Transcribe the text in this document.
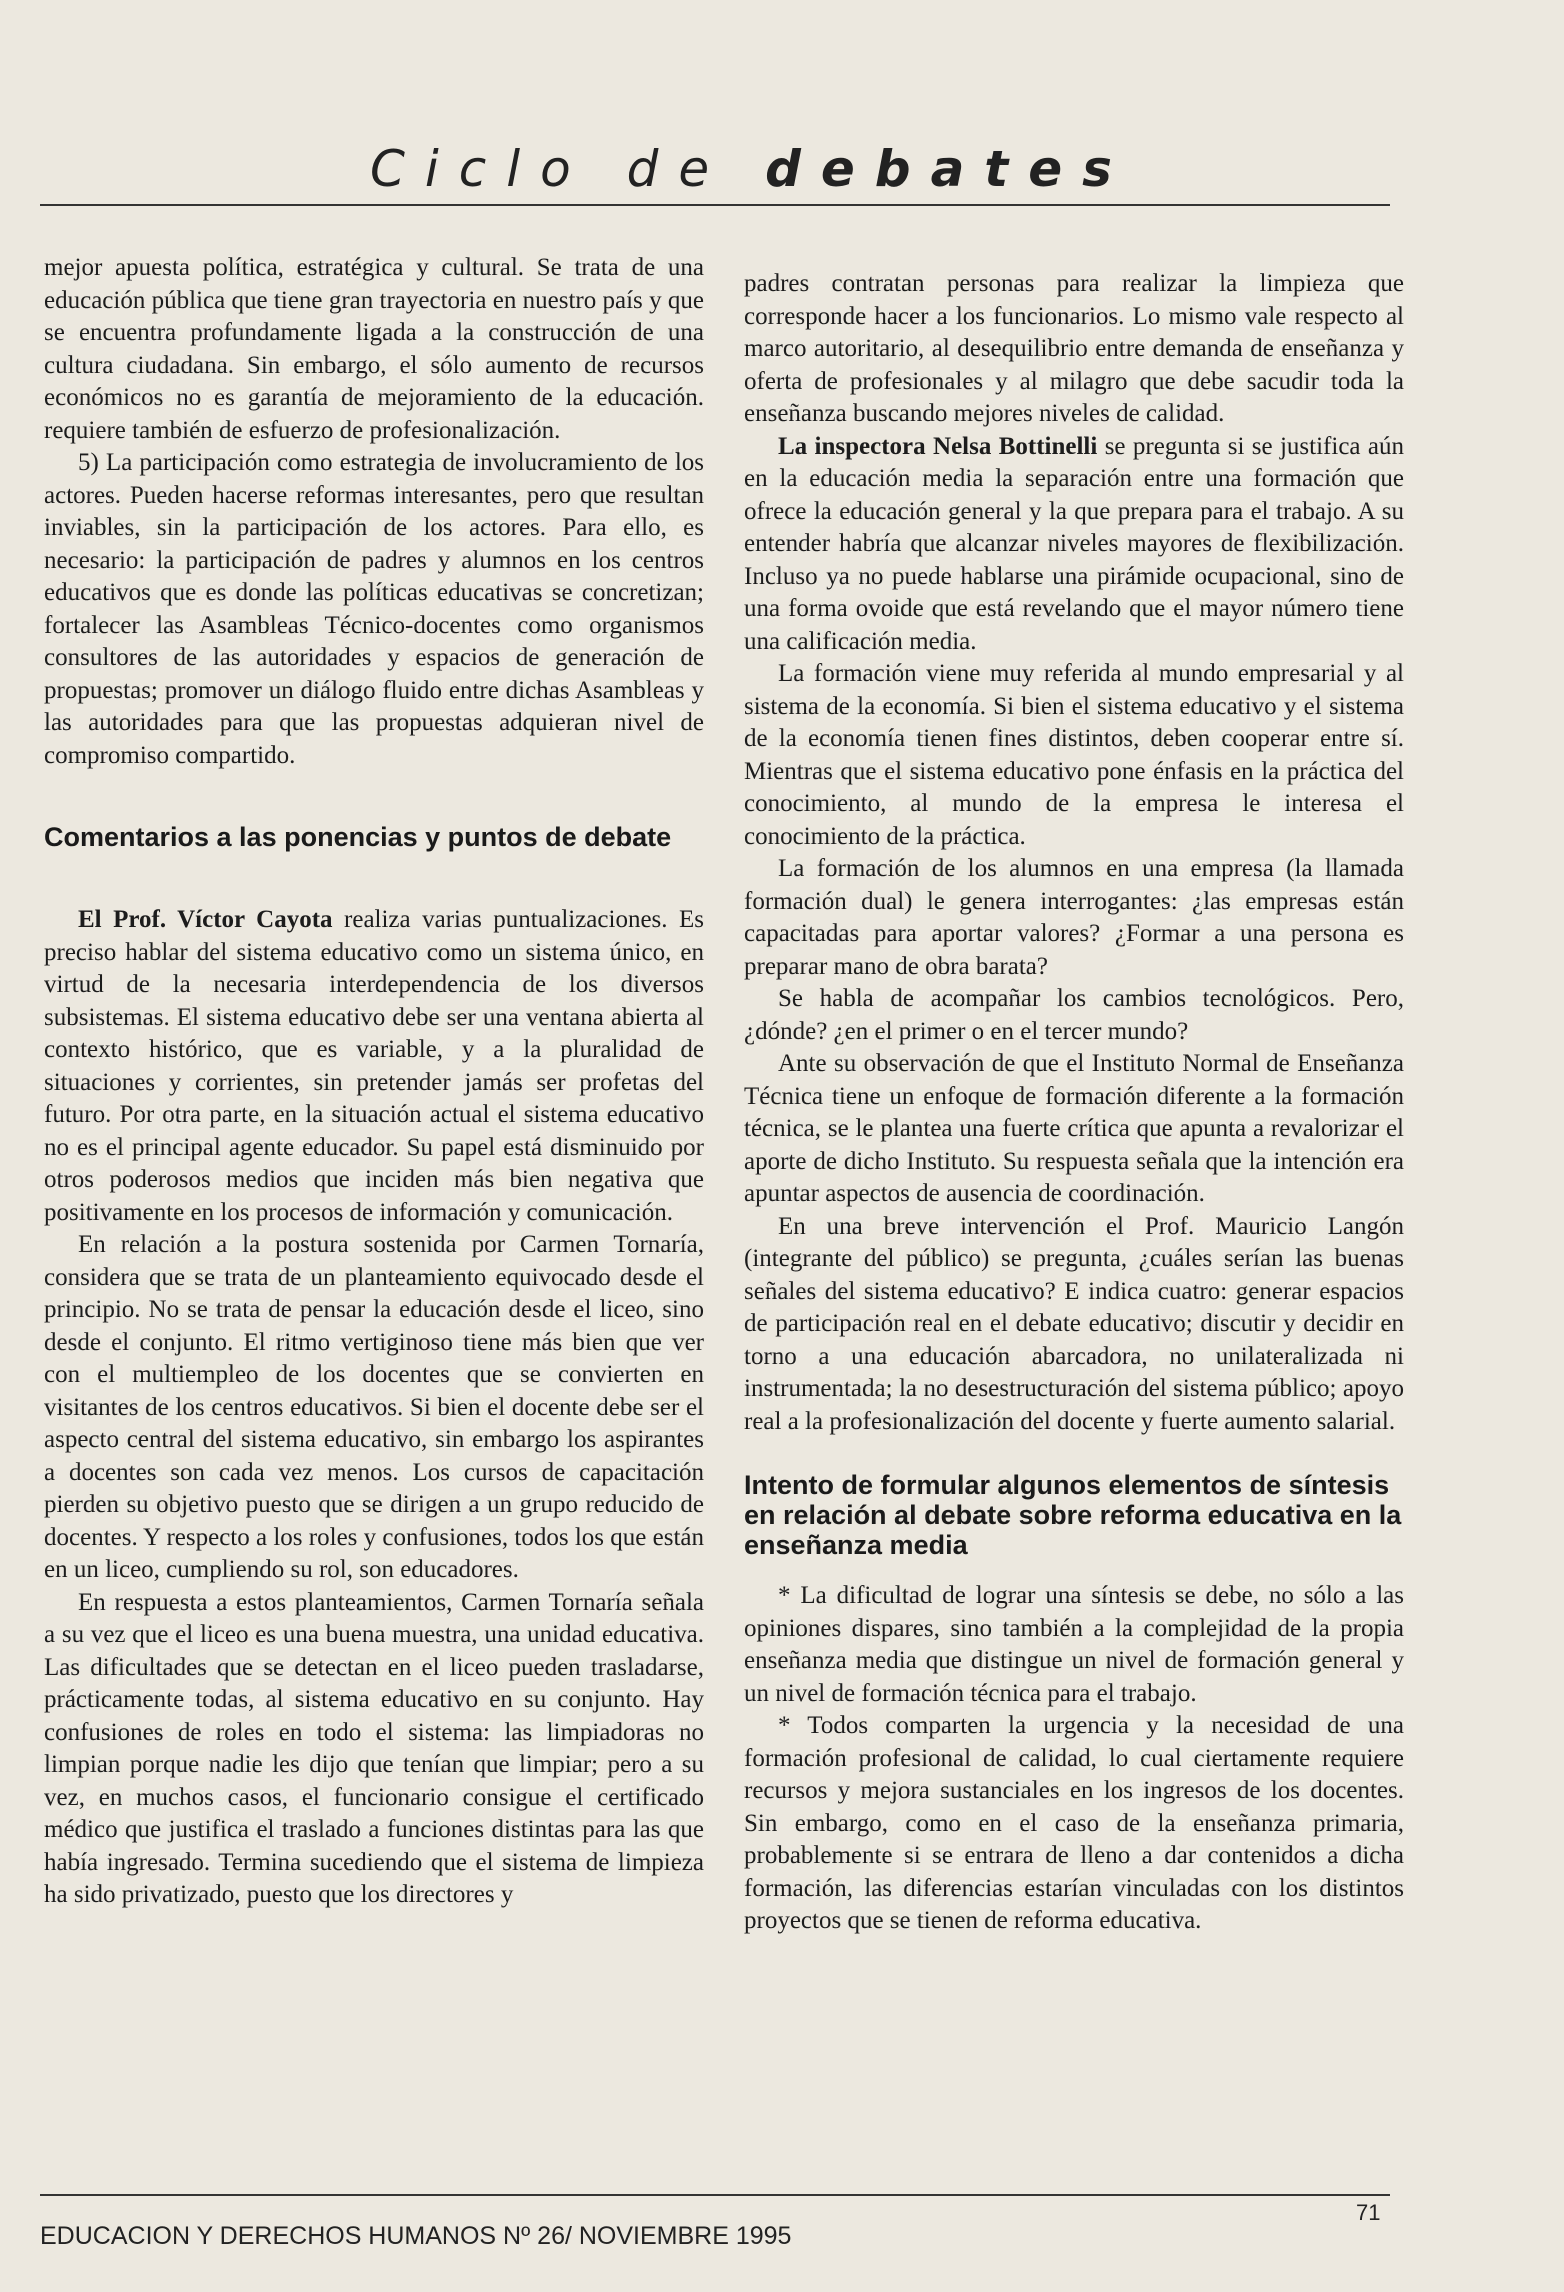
Ciclo de debates

mejor apuesta política, estratégica y cultural. Se trata de una educación pública que tiene gran trayectoria en nuestro país y que se encuentra profundamente ligada a la construcción de una cultura ciudadana. Sin embargo, el sólo aumento de recursos económicos no es garantía de mejoramiento de la educación. requiere también de esfuerzo de profesionalización.

5) La participación como estrategia de involucramiento de los actores. Pueden hacerse reformas interesantes, pero que resultan inviables, sin la participación de los actores. Para ello, es necesario: la participación de padres y alumnos en los centros educativos que es donde las políticas educativas se concretizan; fortalecer las Asambleas Técnico-docentes como organismos consultores de las autoridades y espacios de generación de propuestas; promover un diálogo fluido entre dichas Asambleas y las autoridades para que las propuestas adquieran nivel de compromiso compartido.

Comentarios a las ponencias y puntos de debate

El Prof. Víctor Cayota realiza varias puntualizaciones. Es preciso hablar del sistema educativo como un sistema único, en virtud de la necesaria interdependencia de los diversos subsistemas. El sistema educativo debe ser una ventana abierta al contexto histórico, que es variable, y a la pluralidad de situaciones y corrientes, sin pretender jamás ser profetas del futuro. Por otra parte, en la situación actual el sistema educativo no es el principal agente educador. Su papel está disminuido por otros poderosos medios que inciden más bien negativa que positivamente en los procesos de información y comunicación.

En relación a la postura sostenida por Carmen Tornaría, considera que se trata de un planteamiento equivocado desde el principio. No se trata de pensar la educación desde el liceo, sino desde el conjunto. El ritmo vertiginoso tiene más bien que ver con el multiempleo de los docentes que se convierten en visitantes de los centros educativos. Si bien el docente debe ser el aspecto central del sistema educativo, sin embargo los aspirantes a docentes son cada vez menos. Los cursos de capacitación pierden su objetivo puesto que se dirigen a un grupo reducido de docentes. Y respecto a los roles y confusiones, todos los que están en un liceo, cumpliendo su rol, son educadores.

En respuesta a estos planteamientos, Carmen Tornaría señala a su vez que el liceo es una buena muestra, una unidad educativa. Las dificultades que se detectan en el liceo pueden trasladarse, prácticamente todas, al sistema educativo en su conjunto. Hay confusiones de roles en todo el sistema: las limpiadoras no limpian porque nadie les dijo que tenían que limpiar; pero a su vez, en muchos casos, el funcionario consigue el certificado médico que justifica el traslado a funciones distintas para las que había ingresado. Termina sucediendo que el sistema de limpieza ha sido privatizado, puesto que los directores y

padres contratan personas para realizar la limpieza que corresponde hacer a los funcionarios. Lo mismo vale respecto al marco autoritario, al desequilibrio entre demanda de enseñanza y oferta de profesionales y al milagro que debe sacudir toda la enseñanza buscando mejores niveles de calidad.

La inspectora Nelsa Bottinelli se pregunta si se justifica aún en la educación media la separación entre una formación que ofrece la educación general y la que prepara para el trabajo. A su entender habría que alcanzar niveles mayores de flexibilización. Incluso ya no puede hablarse una pirámide ocupacional, sino de una forma ovoide que está revelando que el mayor número tiene una calificación media.

La formación viene muy referida al mundo empresarial y al sistema de la economía. Si bien el sistema educativo y el sistema de la economía tienen fines distintos, deben cooperar entre sí. Mientras que el sistema educativo pone énfasis en la práctica del conocimiento, al mundo de la empresa le interesa el conocimiento de la práctica.

La formación de los alumnos en una empresa (la llamada formación dual) le genera interrogantes: ¿las empresas están capacitadas para aportar valores? ¿Formar a una persona es preparar mano de obra barata?

Se habla de acompañar los cambios tecnológicos. Pero, ¿dónde? ¿en el primer o en el tercer mundo?

Ante su observación de que el Instituto Normal de Enseñanza Técnica tiene un enfoque de formación diferente a la formación técnica, se le plantea una fuerte crítica que apunta a revalorizar el aporte de dicho Instituto. Su respuesta señala que la intención era apuntar aspectos de ausencia de coordinación.

En una breve intervención el Prof. Mauricio Langón (integrante del público) se pregunta, ¿cuáles serían las buenas señales del sistema educativo? E indica cuatro: generar espacios de participación real en el debate educativo; discutir y decidir en torno a una educación abarcadora, no unilateralizada ni instrumentada; la no desestructuración del sistema público; apoyo real a la profesionalización del docente y fuerte aumento salarial.

Intento de formular algunos elementos de síntesis en relación al debate sobre reforma educativa en la enseñanza media

* La dificultad de lograr una síntesis se debe, no sólo a las opiniones dispares, sino también a la complejidad de la propia enseñanza media que distingue un nivel de formación general y un nivel de formación técnica para el trabajo.

* Todos comparten la urgencia y la necesidad de una formación profesional de calidad, lo cual ciertamente requiere recursos y mejora sustanciales en los ingresos de los docentes. Sin embargo, como en el caso de la enseñanza primaria, probablemente si se entrara de lleno a dar contenidos a dicha formación, las diferencias estarían vinculadas con los distintos proyectos que se tienen de reforma educativa.

EDUCACION Y DERECHOS HUMANOS Nº 26/ NOVIEMBRE 1995
71
